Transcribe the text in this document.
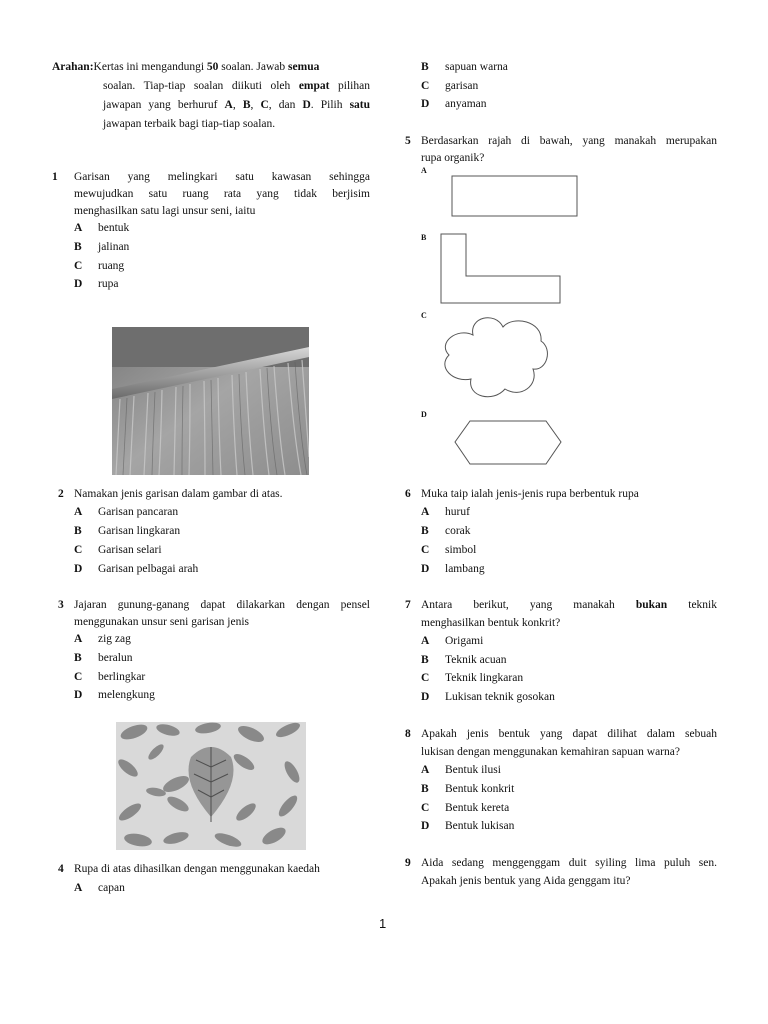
Arahan:Kertas ini mengandungi 50 soalan. Jawab semua
soalan. Tiap-tiap soalan diikuti oleh empat pilihan
jawapan yang berhuruf A, B, C, dan D. Pilih satu
jawapan terbaik bagi tiap-tiap soalan.
1 Garisan yang melingkari satu kawasan sehingga
mewujudkan satu ruang rata yang tidak berjisim
menghasilkan satu lagi unsur seni, iaitu
A bentuk
B jalinan
C ruang
D rupa
2 Namakan jenis garisan dalam gambar di atas.
A Garisan pancaran
B Garisan lingkaran
C Garisan selari
D Garisan pelbagai arah
3 Jajaran gunung-ganang dapat dilakarkan dengan pensel
menggunakan unsur seni garisan jenis
A zig zag
B beralun
C berlingkar
D melengkung
4 Rupa di atas dihasilkan dengan menggunakan kaedah
A capan
B sapuan warna
C garisan
D anyaman
5 Berdasarkan rajah di bawah, yang manakah merupakan
rupa organik?
A
B
C
D
6 Muka taip ialah jenis-jenis rupa berbentuk rupa
A huruf
B corak
C simbol
D lambang
7 Antara berikut, yang manakah bukan teknik
menghasilkan bentuk konkrit?
A Origami
B Teknik acuan
C Teknik lingkaran
D Lukisan teknik gosokan
8 Apakah jenis bentuk yang dapat dilihat dalam sebuah
lukisan dengan menggunakan kemahiran sapuan warna?
A Bentuk ilusi
B Bentuk konkrit
C Bentuk kereta
D Bentuk lukisan
9 Aida sedang menggenggam duit syiling lima puluh sen.
Apakah jenis bentuk yang Aida genggam itu?
1
